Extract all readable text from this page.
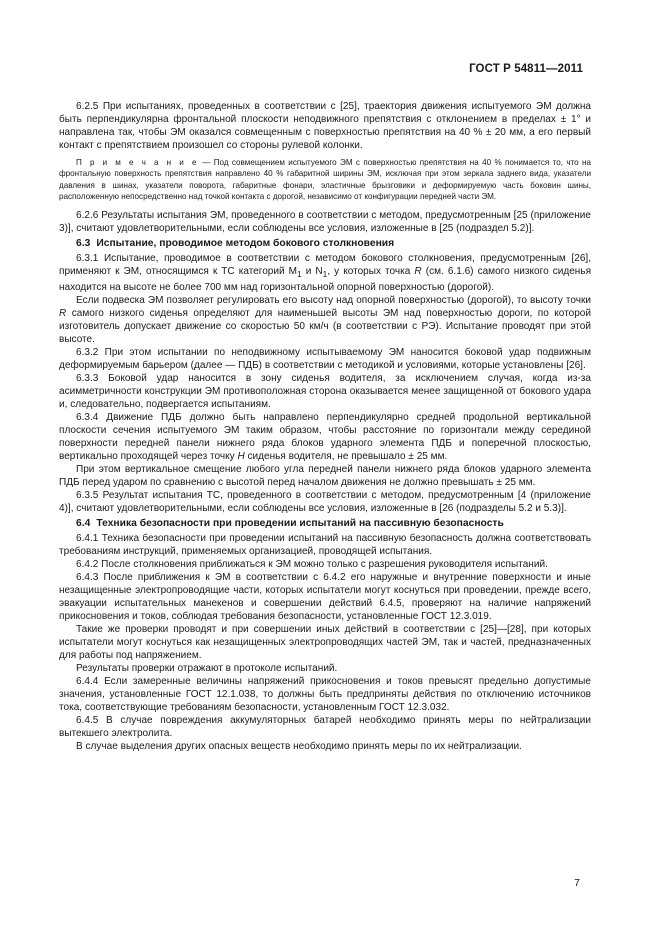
ГОСТ Р 54811—2011

6.2.5 При испытаниях, проведенных в соответствии с [25], траектория движения испытуемого ЭМ должна быть перпендикулярна фронтальной плоскости неподвижного препятствия с отклонением в пределах ± 1° и направлена так, чтобы ЭМ оказался совмещенным с поверхностью препятствия на 40 % ± 20 мм, а его первый контакт с препятствием произошел со стороны рулевой колонки.

П р и м е ч а н и е — Под совмещением испытуемого ЭМ с поверхностью препятствия на 40 % понимается то, что на фронтальную поверхность препятствия направлено 40 % габаритной ширины ЭМ, исключая при этом зеркала заднего вида, указатели давления в шинах, указатели поворота, габаритные фонари, эластичные брызговики и деформируемую часть боковин шины, расположенную непосредственно над точкой контакта с дорогой, независимо от конфигурации передней части ЭМ.

6.2.6 Результаты испытания ЭМ, проведенного в соответствии с методом, предусмотренным [25 (приложение 3)], считают удовлетворительными, если соблюдены все условия, изложенные в [25 (подраздел 5.2)].

6.3 Испытание, проводимое методом бокового столкновения

6.3.1 Испытание, проводимое в соответствии с методом бокового столкновения, предусмотренным [26], применяют к ЭМ, относящимся к ТС категорий $M_1$ и $N_1$, у которых точка R (см. 6.1.6) самого низкого сиденья находится на высоте не более 700 мм над горизонтальной опорной поверхностью (дорогой).

Если подвеска ЭМ позволяет регулировать его высоту над опорной поверхностью (дорогой), то высоту точки R самого низкого сиденья определяют для наименьшей высоты ЭМ над поверхностью дороги, по которой изготовитель допускает движение со скоростью 50 км/ч (в соответствии с РЭ). Испытание проводят при этой высоте.

6.3.2 При этом испытании по неподвижному испытываемому ЭМ наносится боковой удар подвижным деформируемым барьером (далее — ПДБ) в соответствии с методикой и условиями, которые установлены [26].

6.3.3 Боковой удар наносится в зону сиденья водителя, за исключением случая, когда из-за асимметричности конструкции ЭМ противоположная сторона оказывается менее защищенной от бокового удара и, следовательно, подвергается испытаниям.

6.3.4 Движение ПДБ должно быть направлено перпендикулярно средней продольной вертикальной плоскости сечения испытуемого ЭМ таким образом, чтобы расстояние по горизонтали между серединой поверхности передней панели нижнего ряда блоков ударного элемента ПДБ и поперечной плоскостью, вертикально проходящей через точку H сиденья водителя, не превышало ± 25 мм.

При этом вертикальное смещение любого угла передней панели нижнего ряда блоков ударного элемента ПДБ перед ударом по сравнению с высотой перед началом движения не должно превышать ± 25 мм.

6.3.5 Результат испытания ТС, проведенного в соответствии с методом, предусмотренным [4 (приложение 4)], считают удовлетворительными, если соблюдены все условия, изложенные в [26 (подразделы 5.2 и 5.3)].

6.4 Техника безопасности при проведении испытаний на пассивную безопасность

6.4.1 Техника безопасности при проведении испытаний на пассивную безопасность должна соответствовать требованиям инструкций, применяемых организацией, проводящей испытания.

6.4.2 После столкновения приближаться к ЭМ можно только с разрешения руководителя испытаний.

6.4.3 После приближения к ЭМ в соответствии с 6.4.2 его наружные и внутренние поверхности и иные незащищенные электропроводящие части, которых испытатели могут коснуться при проведении, прежде всего, эвакуации испытательных манекенов и совершении действий 6.4.5, проверяют на наличие напряжений прикосновения и токов, соблюдая требования безопасности, установленные ГОСТ 12.3.019.

Такие же проверки проводят и при совершении иных действий в соответствии с [25]—[28], при которых испытатели могут коснуться как незащищенных электропроводящих частей ЭМ, так и частей, предназначенных для работы под напряжением.

Результаты проверки отражают в протоколе испытаний.

6.4.4 Если замеренные величины напряжений прикосновения и токов превысят предельно допустимые значения, установленные ГОСТ 12.1.038, то должны быть предприняты действия по отключению источников тока, соответствующие требованиям безопасности, установленным ГОСТ 12.3.032.

6.4.5 В случае повреждения аккумуляторных батарей необходимо принять меры по нейтрализации вытекшего электролита.

В случае выделения других опасных веществ необходимо принять меры по их нейтрализации.

7
